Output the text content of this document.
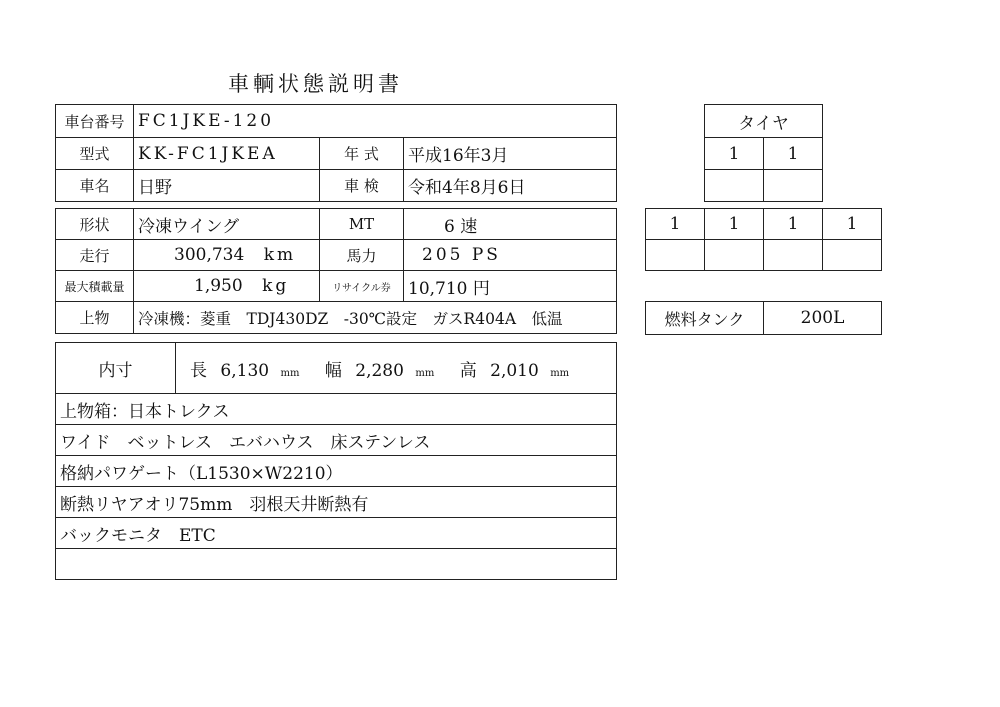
車輌状態説明書
車台番号	FC1JKE-120		
型式	KK-FC1JKEA	年 式	平成16年3月
車名	日野	車 検	令和4年8月6日
形状	冷凍ウイング	MT	6 速
走行	300,734 km	馬力	205 PS
最大積載量	1,950 kg	リサイクル券	10,710 円
上物	冷凍機：菱重　TDJ430DZ　-30℃設定　ガスR404A　低温		
内寸	長 6,130 mm 幅 2,280 mm 高 2,010 mm
上物箱：日本トレクス
ワイド　ベットレス　エバハウス　床ステンレス
格納パワゲート（L1530×W2210）
断熱リヤアオリ75mm　羽根天井断熱有
バックモニタ　ETC

タイヤ	
1	1

1	1	1	1

燃料タンク	200L
